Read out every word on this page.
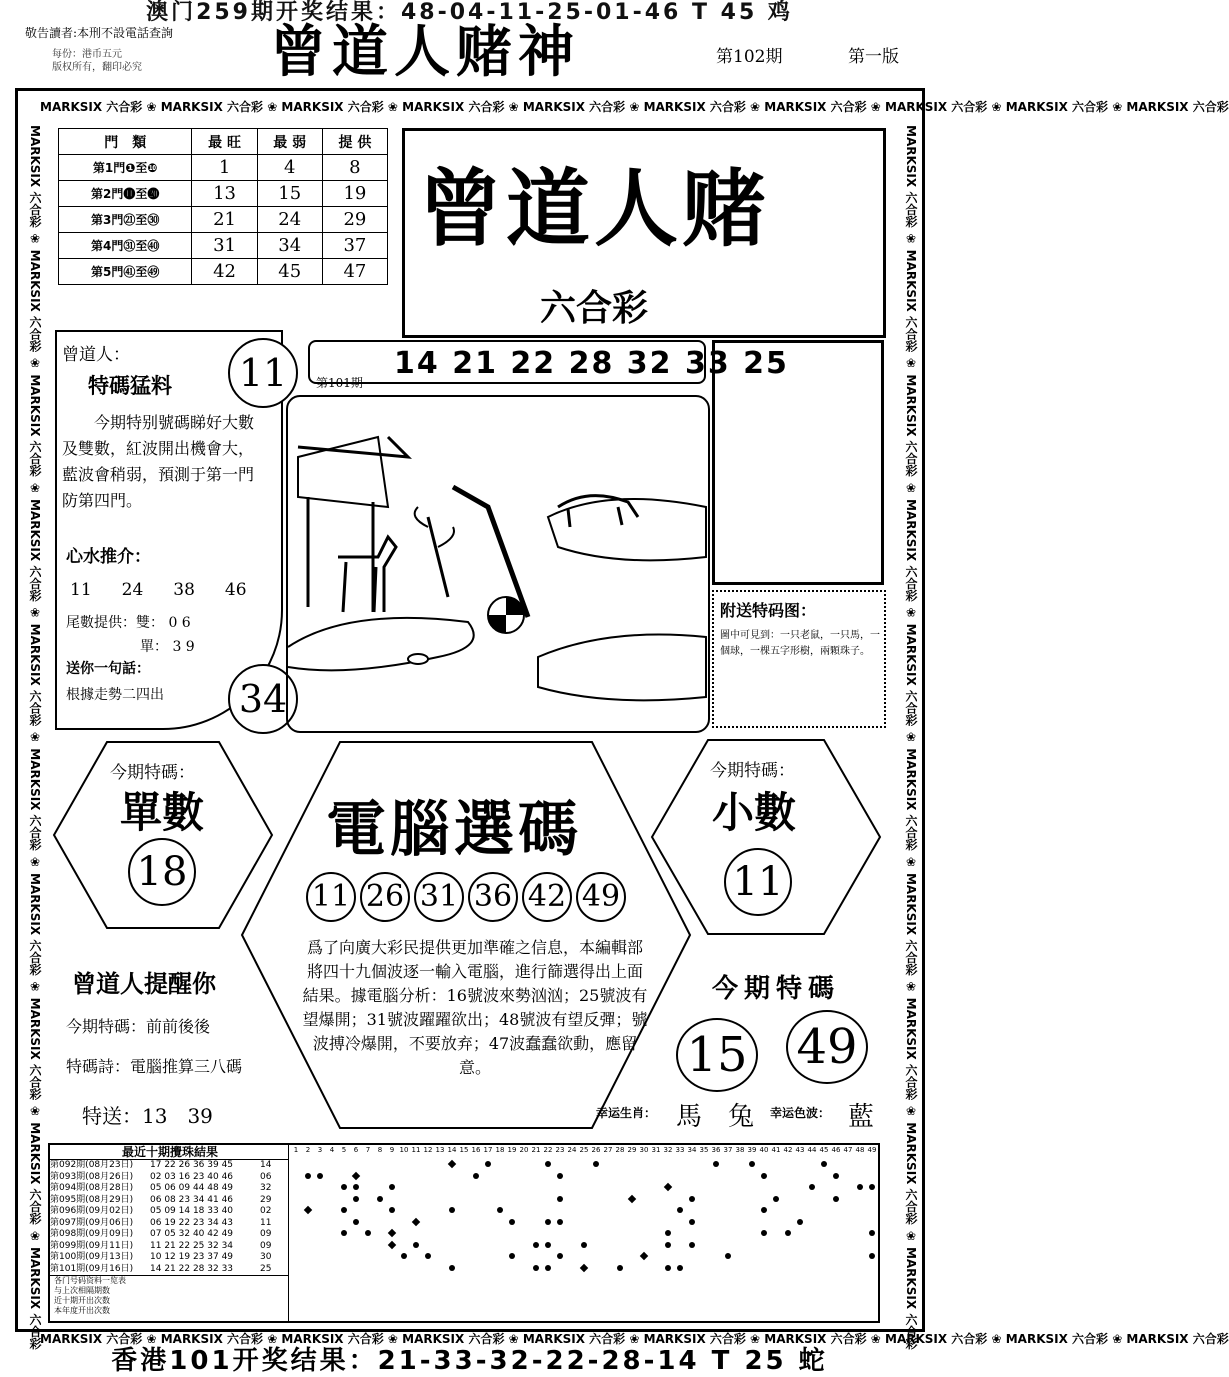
澳门259期开奖结果：48-04-11-25-01-46 T 45 鸡
敬告讀者:本刑不設電話查詢
每份：港币五元
版权所有，翻印必究 曾道人赌神	第102期	第一版
MARKSIX 六合彩 ❀ MARKSIX 六合彩 ❀ MARKSIX 六合彩 ❀ MARKSIX 六合彩 ❀ MARKSIX 六合彩 ❀ MARKSIX 六合彩 ❀ MARKSIX 六合彩 ❀ MARKSIX 六合彩 ❀ MARKSIX 六合彩 ❀ MARKSIX 六合彩
MARKSIX 六合彩 ❀ MARKSIX 六合彩 ❀ MARKSIX 六合彩 ❀ MARKSIX 六合彩 ❀ MARKSIX 六合彩 ❀ MARKSIX 六合彩 ❀ MARKSIX 六合彩 ❀ MARKSIX 六合彩 ❀ MARKSIX 六合彩 ❀ MARKSIX 六合彩
MARKSIX 六合彩 ❀ MARKSIX 六合彩 ❀ MARKSIX 六合彩 ❀ MARKSIX 六合彩 ❀ MARKSIX 六合彩 ❀ MARKSIX 六合彩 ❀ MARKSIX 六合彩 ❀ MARKSIX 六合彩 ❀ MARKSIX 六合彩 ❀ MARKSIX 六合彩	MARKSIX 六合彩 ❀ MARKSIX 六合彩 ❀ MARKSIX 六合彩 ❀ MARKSIX 六合彩 ❀ MARKSIX 六合彩 ❀ MARKSIX 六合彩 ❀ MARKSIX 六合彩 ❀ MARKSIX 六合彩 ❀ MARKSIX 六合彩 ❀ MARKSIX 六合彩
門　類	最 旺	最 弱	提 供
第1門❶至❿	1	4	8
第2門⓫至⓴	13	15	19
第3門㉑至㉚	21	24	29
第4門㉛至㊵	31	34	37
第5門㊶至㊾	42	45	47
曾道人赌
六合彩
曾道人：
特碼猛料 11
今期特别號碼睇好大數及雙數，紅波開出機會大，藍波會稍弱，預測于第一門防第四門。
心水推介：
11 24 38 46
尾數提供：雙： 0 6
單： 3 9
送你一句話：
根據走勢二四出 34
第101期
14 21 22 28 32 33 25
附送特码图：
圖中可見到：一只老鼠，一只馬，一個球，一棵五字形樹，兩顆珠子。
今期特碼：
單數
18
今期特碼：
小數
11
電腦選碼
11 26 31 36 42 49
爲了向廣大彩民提供更加準確之信息，本編輯部將四十九個波逐一輸入電腦，進行篩選得出上面結果。據電腦分析：16號波來勢汹汹；25號波有望爆開；31號波躍躍欲出；48號波有望反彈；號波搏冷爆開，不要放弃；47波蠢蠢欲動，應留意。
曾道人提醒你
今期特碼：前前後後
特碼詩：電腦推算三八碼
特送：13　39
今期特碼
15 49
幸运生肖： 馬　兔 幸运色波： 藍
第092期(08月23日)	17 22 26 36 39 45	14
第093期(08月26日)	02 03 16 23 40 46	06
第094期(08月28日)	05 06 09 44 48 49	32
第095期(08月29日)	06 08 23 34 41 46	29
第096期(09月02日)	05 09 14 18 33 40	02
第097期(09月06日)	06 19 22 23 34 43	11
第098期(09月09日)	07 05 32 40 42 49	09
第099期(09月11日)	11 21 22 25 32 34	09
第100期(09月13日)	10 12 19 23 37 49	30
第101期(09月16日)	14 21 22 28 32 33	25
各门号码资料一览表
与上次相隔期数
近十期开出次数
本年度开出次数
1	2	3	4	5	6	7	8	9 10 11 12 13 14 15 16 17 18 19 20 21 22 23 24 25 26 27 28 29 30 31 32 33 34 35 36 37 38 39 40 41 42 43 44 45 46 47 48 49
最近十期攪珠結果
香港101开奖结果：21-33-32-22-28-14 T 25 蛇
